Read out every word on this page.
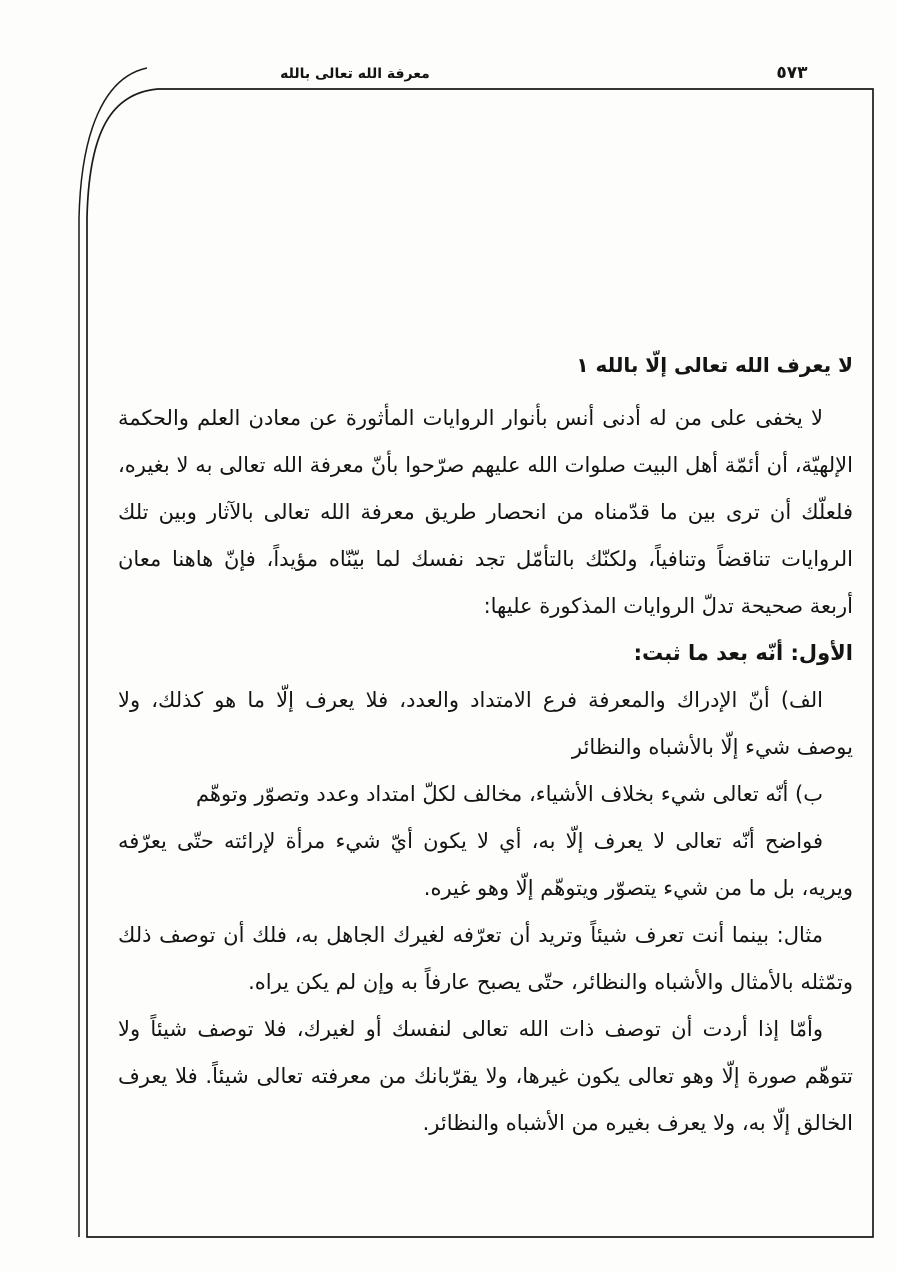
معرفة الله تعالى بالله	٥٧٣
لا يعرف الله تعالى إلّا بالله ١

لا يخفى على من له أدنى أنس بأنوار الروايات المأثورة عن معادن العلم والحكمة الإلهيّة، أن أئمّة أهل البيت صلوات الله عليهم صرّحوا بأنّ معرفة الله تعالى به لا بغيره، فلعلّك أن ترى بين ما قدّمناه من انحصار طريق معرفة الله تعالى بالآثار وبين تلك الروايات تناقضاً وتنافياً، ولكنّك بالتأمّل تجد نفسك لما بيّنّاه مؤيداً، فإنّ هاهنا معان أربعة صحيحة تدلّ الروايات المذكورة عليها:

الأول: أنّه بعد ما ثبت:

الف) أنّ الإدراك والمعرفة فرع الامتداد والعدد، فلا يعرف إلّا ما هو كذلك، ولا يوصف شيء إلّا بالأشباه والنظائر

ب) أنّه تعالى شيء بخلاف الأشياء، مخالف لكلّ امتداد وعدد وتصوّر وتوهّم

فواضح أنّه تعالى لا يعرف إلّا به، أي لا يكون أيّ شيء مرأة لإرائته حتّى يعرّفه ويريه، بل ما من شيء يتصوّر ويتوهّم إلّا وهو غيره.

مثال: بينما أنت تعرف شيئاً وتريد أن تعرّفه لغيرك الجاهل به، فلك أن توصف ذلك وتمّثله بالأمثال والأشباه والنظائر، حتّى يصبح عارفاً به وإن لم يكن يراه.

وأمّا إذا أردت أن توصف ذات الله تعالى لنفسك أو لغيرك، فلا توصف شيئاً ولا تتوهّم صورة إلّا وهو تعالى يكون غيرها، ولا يقرّبانك من معرفته تعالى شيئاً. فلا يعرف الخالق إلّا به، ولا يعرف بغيره من الأشباه والنظائر.
